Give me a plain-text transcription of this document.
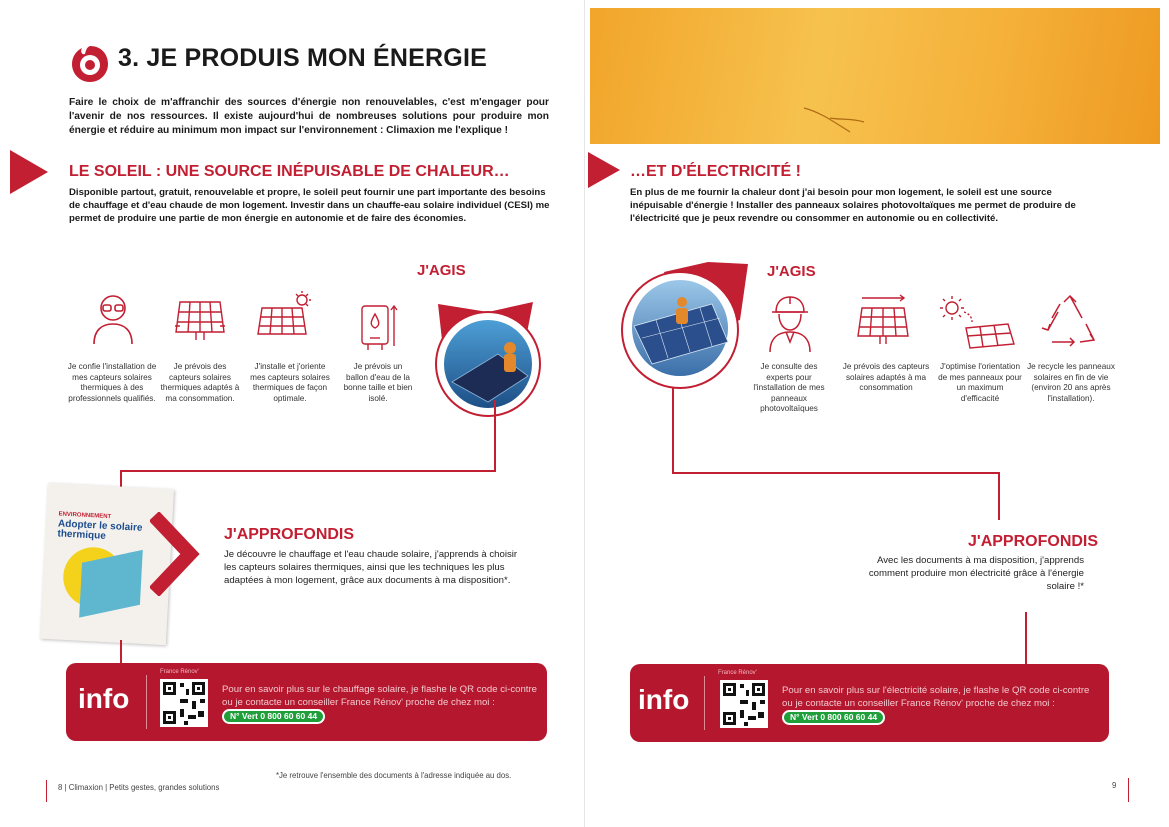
3. JE PRODUIS MON ÉNERGIE
Faire le choix de m'affranchir des sources d'énergie non renouvelables, c'est m'engager pour l'avenir de nos ressources. Il existe aujourd'hui de nombreuses solutions pour produire mon énergie et réduire au minimum mon impact sur l'environnement : Climaxion me l'explique !
LE SOLEIL : UNE SOURCE INÉPUISABLE DE CHALEUR…
Disponible partout, gratuit, renouvelable et propre, le soleil peut fournir une part importante des besoins de chauffage et d'eau chaude de mon logement. Investir dans un chauffe-eau solaire individuel (CESI) me permet de produire une partie de mon énergie en autonomie et de faire des économies.
J'AGIS
Je confie l'installation de mes capteurs solaires thermiques à des professionnels qualifiés.
Je prévois des capteurs solaires thermiques adaptés à ma consommation.
J'installe et j'oriente mes capteurs solaires thermiques de façon optimale.
Je prévois un ballon d'eau de la bonne taille et bien isolé.
ENVIRONNEMENT
Adopter le solaire thermique	J'APPROFONDIS
Je découvre le chauffage et l'eau chaude solaire, j'apprends à choisir les capteurs solaires thermiques, ainsi que les techniques les plus adaptées à mon logement, grâce aux documents à ma disposition*.
info
France Rénov'
Pour en savoir plus sur le chauffage solaire, je flashe le QR code ci-contre ou je contacte un conseiller France Rénov' proche de chez moi : N° Vert 0 800 60 60 44
*Je retrouve l'ensemble des documents à l'adresse indiquée au dos.
8 | Climaxion | Petits gestes, grandes solutions
…ET D'ÉLECTRICITÉ !
En plus de me fournir la chaleur dont j'ai besoin pour mon logement, le soleil est une source inépuisable d'énergie ! Installer des panneaux solaires photovoltaïques me permet de produire de l'électricité que je peux revendre ou consommer en autonomie ou en collectivité.
J'AGIS
Je consulte des experts pour l'installation de mes panneaux photovoltaïques
Je prévois des capteurs solaires adaptés à ma consommation
J'optimise l'orientation de mes panneaux pour un maximum d'efficacité
Je recycle les panneaux solaires en fin de vie (environ 20 ans après l'installation).
J'APPROFONDIS
Avec les documents à ma disposition, j'apprends comment produire mon électricité grâce à l'énergie solaire !*
info
France Rénov'
Pour en savoir plus sur l'électricité solaire, je flashe le QR code ci-contre ou je contacte un conseiller France Rénov' proche de chez moi : N° Vert 0 800 60 60 44
9
